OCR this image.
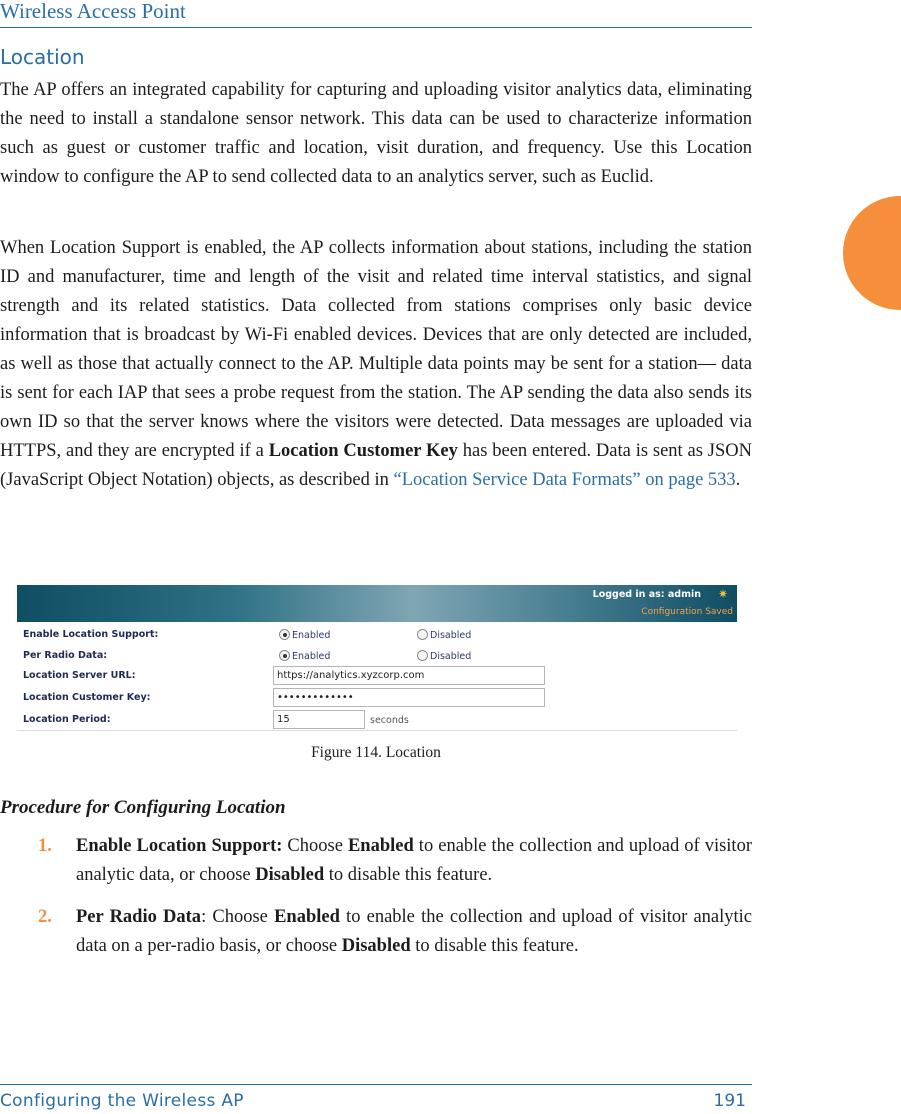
Wireless Access Point
Location

The AP offers an integrated capability for capturing and uploading visitor analytics data, eliminating the need to install a standalone sensor network. This data can be used to characterize information such as guest or customer traffic and location, visit duration, and frequency. Use this Location window to configure the AP to send collected data to an analytics server, such as Euclid.

When Location Support is enabled, the AP collects information about stations, including the station ID and manufacturer, time and length of the visit and related time interval statistics, and signal strength and its related statistics. Data collected from stations comprises only basic device information that is broadcast by Wi-Fi enabled devices. Devices that are only detected are included, as well as those that actually connect to the AP. Multiple data points may be sent for a station— data is sent for each IAP that sees a probe request from the station. The AP sending the data also sends its own ID so that the server knows where the visitors were detected. Data messages are uploaded via HTTPS, and they are encrypted if a Location Customer Key has been entered. Data is sent as JSON (JavaScript Object Notation) objects, as described in “Location Service Data Formats” on page 533.

Logged in as: admin ✷
Configuration Saved
Enable Location Support:	Enabled	Disabled
Per Radio Data:	Enabled	Disabled
Location Server URL:	https://analytics.xyzcorp.com
Location Customer Key:	•••••••••••••
Location Period:	15	seconds
Figure 114. Location
Procedure for Configuring Location
1. Enable Location Support: Choose Enabled to enable the collection and upload of visitor analytic data, or choose Disabled to disable this feature.
2. Per Radio Data: Choose Enabled to enable the collection and upload of visitor analytic data on a per-radio basis, or choose Disabled to disable this feature.
Configuring the Wireless AP	191
